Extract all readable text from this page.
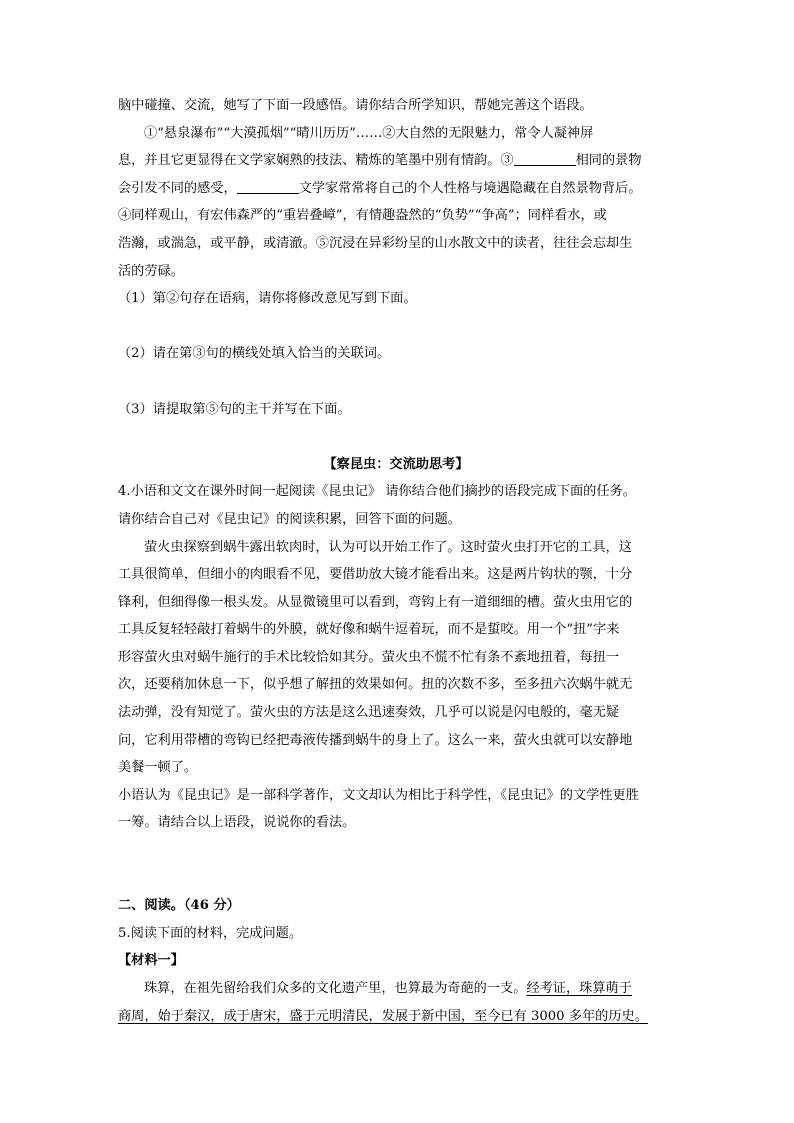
脑中碰撞、交流，她写了下面一段感悟。请你结合所学知识，帮她完善这个语段。

①“悬泉瀑布”“大漠孤烟”“晴川历历”……②大自然的无限魅力，常令人凝神屏

息，并且它更显得在文学家娴熟的技法、精炼的笔墨中别有情韵。③	相同的景物

会引发不同的感受，	文学家常常将自己的个人性格与境遇隐藏在自然景物背后。

④同样观山，有宏伟森严的“重岩叠嶂”，有情趣盎然的“负势”“争高”；同样看水，或

浩瀚，或湍急，或平静，或清澈。⑤沉浸在异彩纷呈的山水散文中的读者，往往会忘却生

活的劳碌。

（1）第②句存在语病，请你将修改意见写到下面。

（2）请在第③句的横线处填入恰当的关联词。

（3）请提取第⑤句的主干并写在下面。

【察昆虫：交流助思考】

4.小语和文文在课外时间一起阅读《昆虫记》 请你结合他们摘抄的语段完成下面的任务。

请你结合自己对《昆虫记》的阅读积累，回答下面的问题。

萤火虫探察到蜗牛露出软肉时，认为可以开始工作了。这时萤火虫打开它的工具，这

工具很简单，但细小的肉眼看不见，要借助放大镜才能看出来。这是两片钩状的颚，十分

锋利，但细得像一根头发。从显微镜里可以看到，弯钩上有一道细细的槽。萤火虫用它的

工具反复轻轻敲打着蜗牛的外膜，就好像和蜗牛逗着玩，而不是蜇咬。用一个“扭”字来

形容萤火虫对蜗牛施行的手术比较恰如其分。萤火虫不慌不忙有条不紊地扭着，每扭一

次，还要稍加休息一下，似乎想了解扭的效果如何。扭的次数不多，至多扭六次蜗牛就无

法动弹，没有知觉了。萤火虫的方法是这么迅速奏效，几乎可以说是闪电般的，毫无疑

问，它利用带槽的弯钩已经把毒液传播到蜗牛的身上了。这么一来，萤火虫就可以安静地

美餐一顿了。

小语认为《昆虫记》是一部科学著作，文文却认为相比于科学性，《昆虫记》的文学性更胜

一筹。请结合以上语段，说说你的看法。

二、阅读。（46 分）

5.阅读下面的材料，完成问题。

【材料一】

珠算，在祖先留给我们众多的文化遗产里，也算最为奇葩的一支。经考证，珠算萌于

商周，始于秦汉，成于唐宋，盛于元明清民，发展于新中国，至今已有 3000 多年的历史。
